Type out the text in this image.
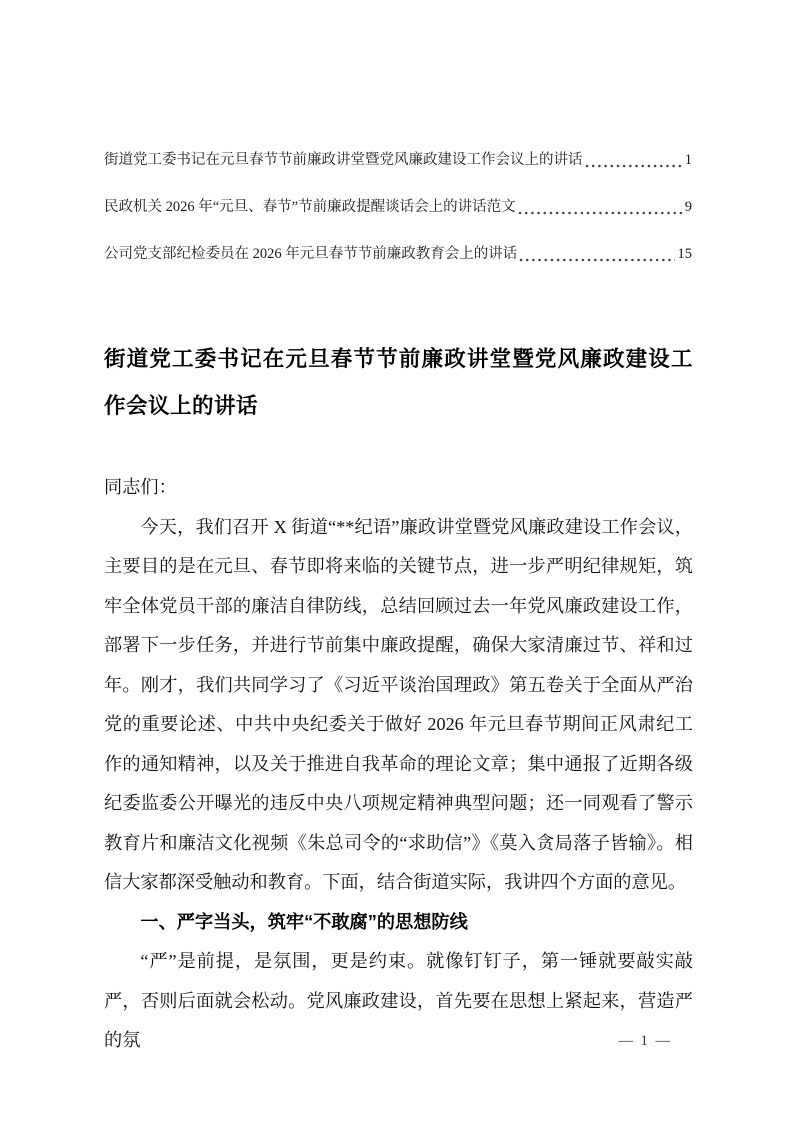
街道党工委书记在元旦春节节前廉政讲堂暨党风廉政建设工作会议上的讲话	1
民政机关 2026 年“元旦、春节”节前廉政提醒谈话会上的讲话范文	9
公司党支部纪检委员在 2026 年元旦春节节前廉政教育会上的讲话	15
街道党工委书记在元旦春节节前廉政讲堂暨党风廉政建设工作会议上的讲话

同志们：

今天，我们召开 X 街道“**纪语”廉政讲堂暨党风廉政建设工作会议，主要目的是在元旦、春节即将来临的关键节点，进一步严明纪律规矩，筑牢全体党员干部的廉洁自律防线，总结回顾过去一年党风廉政建设工作，部署下一步任务，并进行节前集中廉政提醒，确保大家清廉过节、祥和过年。刚才，我们共同学习了《习近平谈治国理政》第五卷关于全面从严治党的重要论述、中共中央纪委关于做好 2026 年元旦春节期间正风肃纪工作的通知精神，以及关于推进自我革命的理论文章；集中通报了近期各级纪委监委公开曝光的违反中央八项规定精神典型问题；还一同观看了警示教育片和廉洁文化视频《朱总司令的“求助信”》《莫入贪局落子皆输》。相信大家都深受触动和教育。下面，结合街道实际，我讲四个方面的意见。

一、严字当头，筑牢“不敢腐”的思想防线

“严”是前提，是氛围，更是约束。就像钉钉子，第一锤就要敲实敲严，否则后面就会松动。党风廉政建设，首先要在思想上紧起来，营造严的氛	— 1 —
